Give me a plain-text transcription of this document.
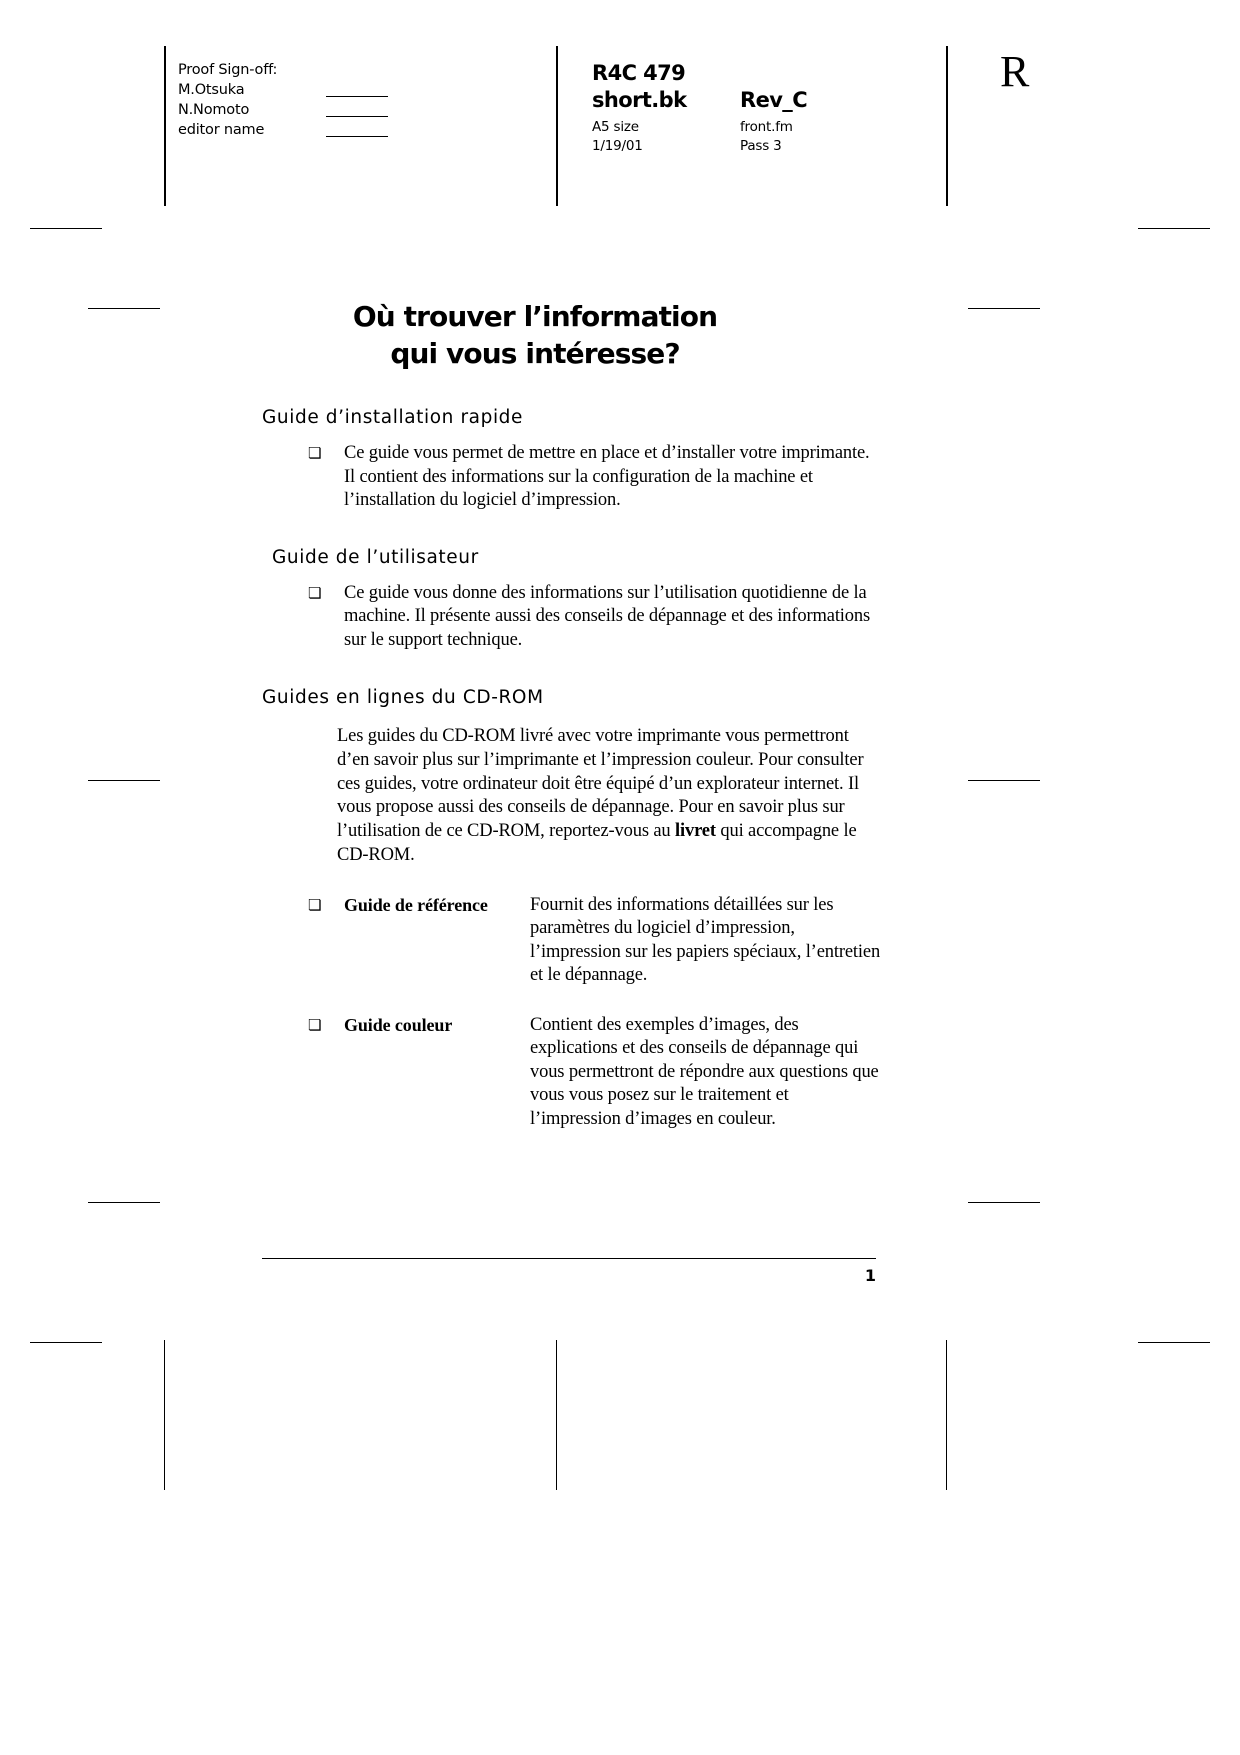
Proof Sign-off:
M.Otsuka
N.Nomoto
editor name
R4C 479
short.bk	Rev_C
A5 size	front.fm
1/19/01	Pass 3
R
Où trouver l’information
qui vous intéresse?
Guide d’installation rapide
❏	Ce guide vous permet de mettre en place et d’installer votre imprimante. Il contient des informations sur la configuration de la machine et l’installation du logiciel d’impression.
Guide de l’utilisateur
❏	Ce guide vous donne des informations sur l’utilisation quotidienne de la machine. Il présente aussi des conseils de dépannage et des informations sur le support technique.
Guides en lignes du CD-ROM
Les guides du CD-ROM livré avec votre imprimante vous permettront d’en savoir plus sur l’imprimante et l’impression couleur. Pour consulter ces guides, votre ordinateur doit être équipé d’un explorateur internet. Il vous propose aussi des conseils de dépannage. Pour en savoir plus sur l’utilisation de ce CD-ROM, reportez-vous au livret qui accompagne le CD-ROM.
❏	Guide de référence	Fournit des informations détaillées sur les paramètres du logiciel d’impression, l’impression sur les papiers spéciaux, l’entretien et le dépannage.
❏	Guide couleur	Contient des exemples d’images, des explications et des conseils de dépannage qui vous permettront de répondre aux questions que vous vous posez sur le traitement et l’impression d’images en couleur.
1
